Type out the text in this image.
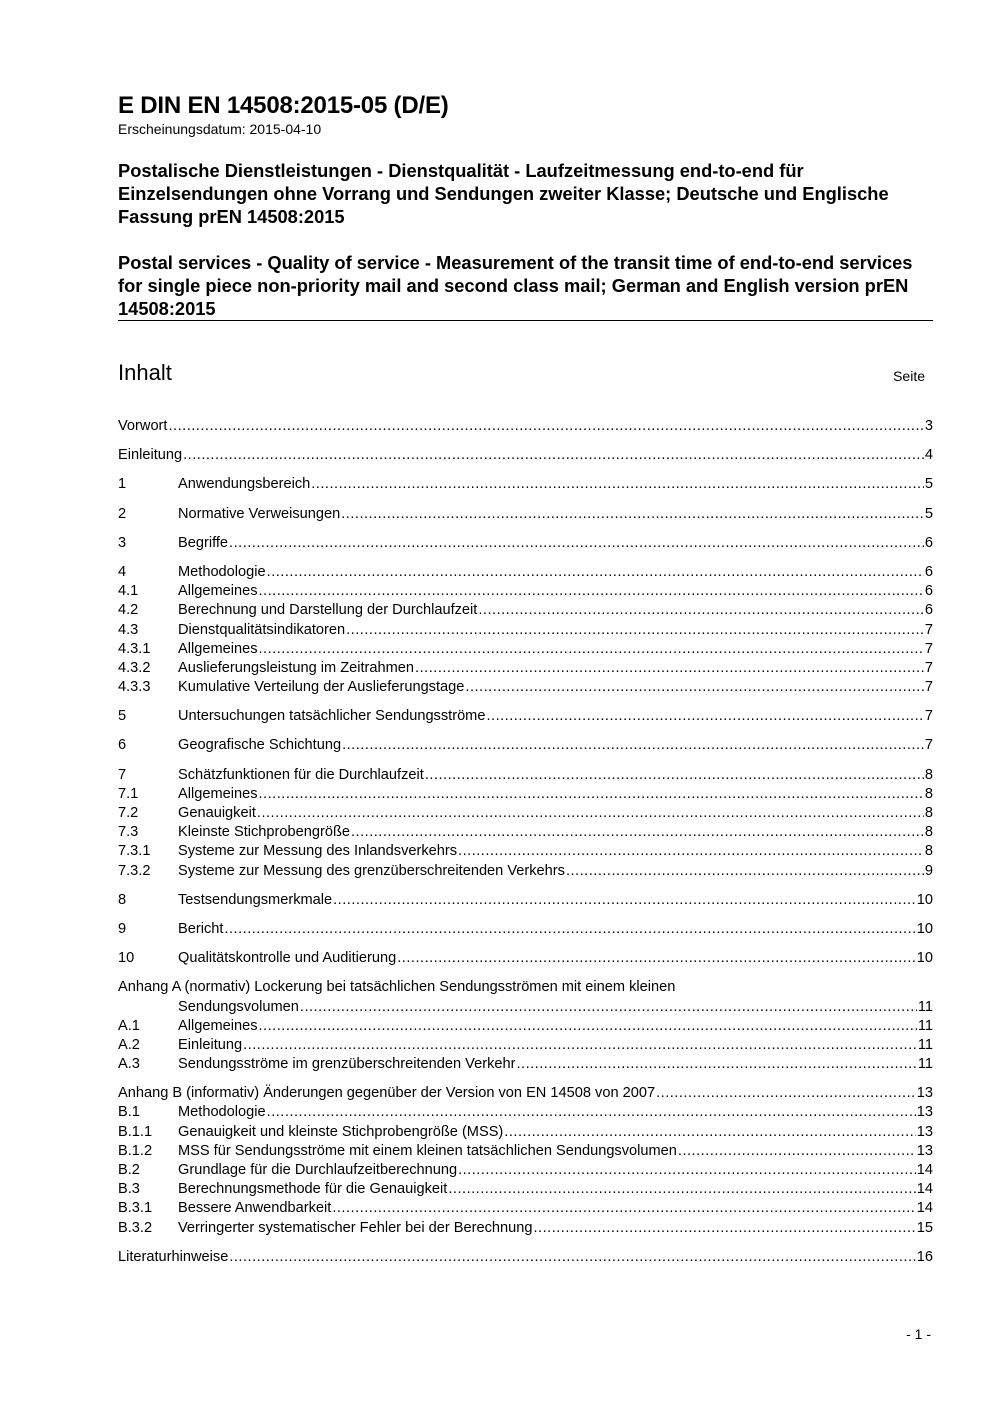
E DIN EN 14508:2015-05 (D/E)
Erscheinungsdatum: 2015-04-10

Postalische Dienstleistungen - Dienstqualität - Laufzeitmessung end-to-end für Einzelsendungen ohne Vorrang und Sendungen zweiter Klasse; Deutsche und Englische Fassung prEN 14508:2015

Postal services - Quality of service - Measurement of the transit time of end-to-end services for single piece non-priority mail and second class mail; German and English version prEN 14508:2015

Inhalt	Seite
Vorwort .....	3
Einleitung .....	4
1	Anwendungsbereich .....	5
2	Normative Verweisungen .....	5
3	Begriffe .....	6
4	Methodologie .....	6
4.1	Allgemeines .....	6
4.2	Berechnung und Darstellung der Durchlaufzeit .....	6
4.3	Dienstqualitätsindikatoren .....	7
4.3.1	Allgemeines .....	7
4.3.2	Auslieferungsleistung im Zeitrahmen .....	7
4.3.3	Kumulative Verteilung der Auslieferungstage .....	7
5	Untersuchungen tatsächlicher Sendungsströme .....	7
6	Geografische Schichtung .....	7
7	Schätzfunktionen für die Durchlaufzeit .....	8
7.1	Allgemeines .....	8
7.2	Genauigkeit .....	8
7.3	Kleinste Stichprobengröße .....	8
7.3.1	Systeme zur Messung des Inlandsverkehrs .....	8
7.3.2	Systeme zur Messung des grenzüberschreitenden Verkehrs .....	9
8	Testsendungsmerkmale .....	10
9	Bericht .....	10
10	Qualitätskontrolle und Auditierung .....	10
Anhang A (normativ) Lockerung bei tatsächlichen Sendungsströmen mit einem kleinen
Sendungsvolumen .....	11
A.1	Allgemeines .....	11
A.2	Einleitung .....	11
A.3	Sendungsströme im grenzüberschreitenden Verkehr .....	11
Anhang B (informativ) Änderungen gegenüber der Version von EN 14508 von 2007 .....	13
B.1	Methodologie .....	13
B.1.1	Genauigkeit und kleinste Stichprobengröße (MSS) .....	13
B.1.2	MSS für Sendungsströme mit einem kleinen tatsächlichen Sendungsvolumen .....	13
B.2	Grundlage für die Durchlaufzeitberechnung .....	14
B.3	Berechnungsmethode für die Genauigkeit .....	14
B.3.1	Bessere Anwendbarkeit .....	14
B.3.2	Verringerter systematischer Fehler bei der Berechnung .....	15
Literaturhinweise .....	16
- 1 -
